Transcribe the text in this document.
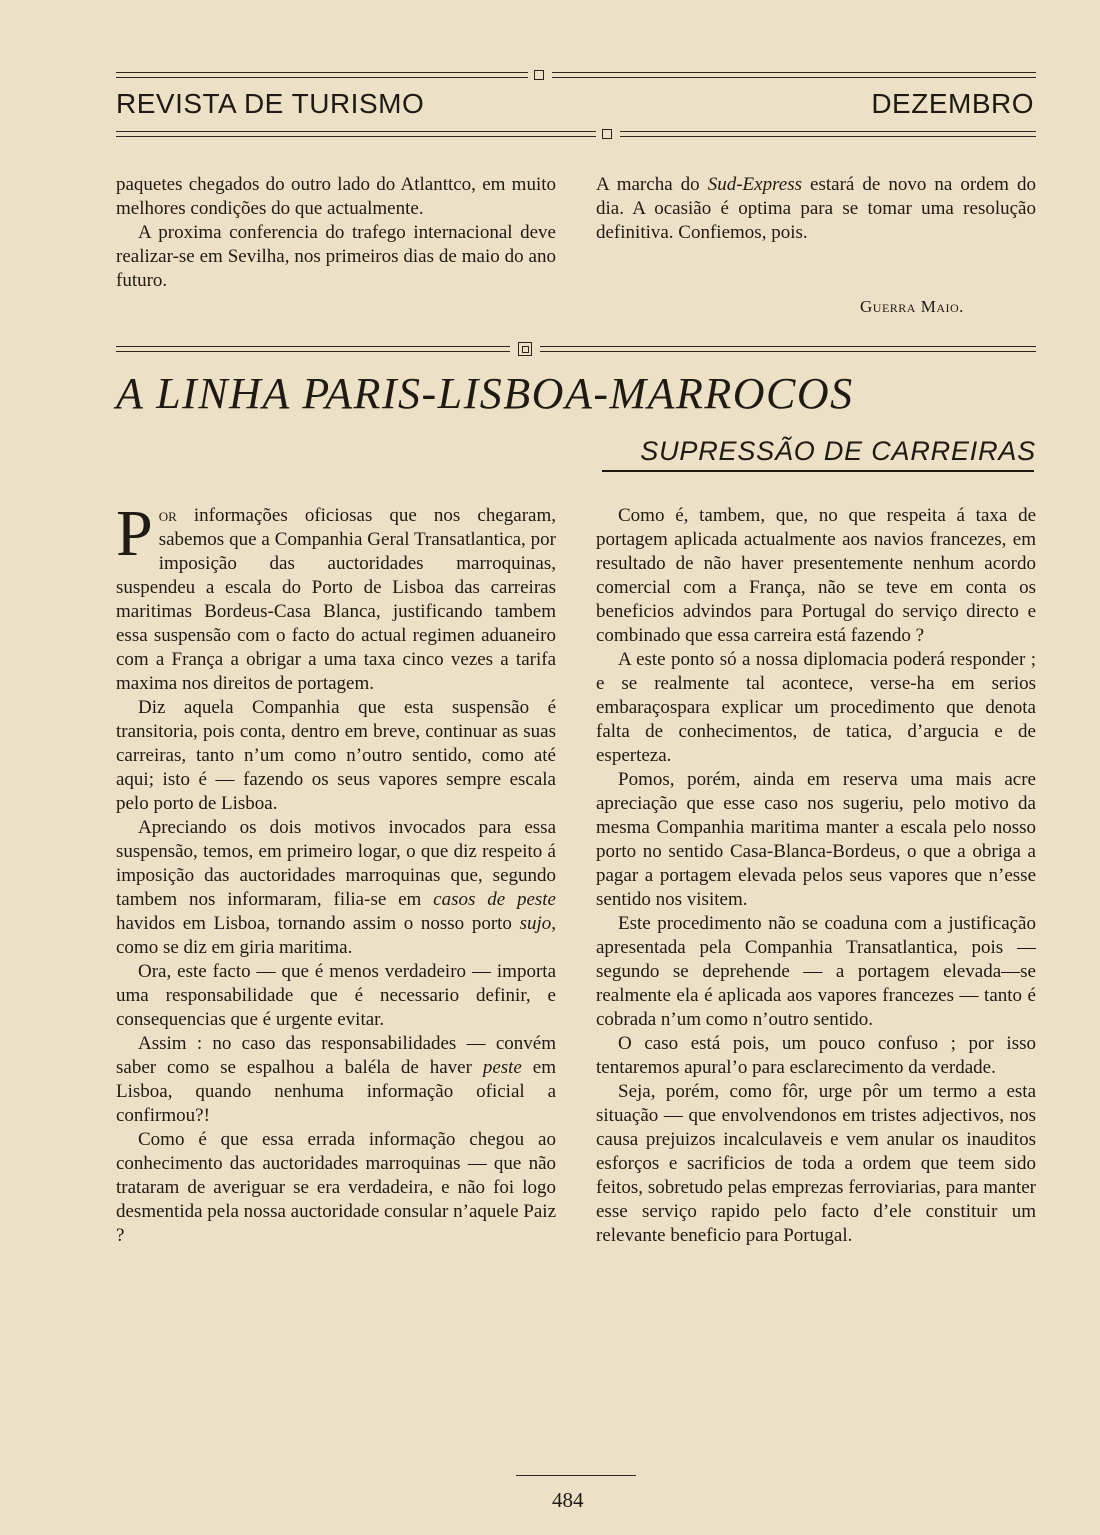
REVISTA DE TURISMO	DEZEMBRO

paquetes chegados do outro lado do Atlanttco, em muito melhores condições do que actualmente.

A proxima conferencia do trafego internacional deve realizar-se em Sevilha, nos primeiros dias de maio do ano futuro.

A marcha do Sud-Express estará de novo na ordem do dia. A ocasião é optima para se tomar uma resolução definitiva. Confiemos, pois.

Guerra Maio.
A LINHA PARIS-LISBOA-MARROCOS
SUPRESSÃO DE CARREIRAS

Por informações oficiosas que nos chegaram, sabemos que a Companhia Geral Transatlantica, por imposição das auctoridades marroquinas, suspendeu a escala do Porto de Lisboa das carreiras maritimas Bordeus-Casa Blanca, justificando tambem essa suspensão com o facto do actual regimen aduaneiro com a França a obrigar a uma taxa cinco vezes a tarifa maxima nos direitos de portagem.

Diz aquela Companhia que esta suspensão é transitoria, pois conta, dentro em breve, continuar as suas carreiras, tanto n’um como n’outro sentido, como até aqui; isto é — fazendo os seus vapores sempre escala pelo porto de Lisboa.

Apreciando os dois motivos invocados para essa suspensão, temos, em primeiro logar, o que diz respeito á imposição das auctoridades marroquinas que, segundo tambem nos informaram, filia-se em casos de peste havidos em Lisboa, tornando assim o nosso porto sujo, como se diz em giria maritima.

Ora, este facto — que é menos verdadeiro — importa uma responsabilidade que é necessario definir, e consequencias que é urgente evitar.

Assim : no caso das responsabilidades — convém saber como se espalhou a baléla de haver peste em Lisboa, quando nenhuma informação oficial a confirmou?!

Como é que essa errada informação chegou ao conhecimento das auctoridades marroquinas — que não trataram de averiguar se era verdadeira, e não foi logo desmentida pela nossa auctoridade consular n’aquele Paiz ?

Como é, tambem, que, no que respeita á taxa de portagem aplicada actualmente aos navios francezes, em resultado de não haver presentemente nenhum acordo comercial com a França, não se teve em conta os beneficios advindos para Portugal do serviço directo e combinado que essa carreira está fazendo ?

A este ponto só a nossa diplomacia poderá responder ; e se realmente tal acontece, verse-ha em serios embaraçospara explicar um procedimento que denota falta de conhecimentos, de tatica, d’argucia e de esperteza.

Pomos, porém, ainda em reserva uma mais acre apreciação que esse caso nos sugeriu, pelo motivo da mesma Companhia maritima manter a escala pelo nosso porto no sentido Casa-Blanca-Bordeus, o que a obriga a pagar a portagem elevada pelos seus vapores que n’esse sentido nos visitem.

Este procedimento não se coaduna com a justificação apresentada pela Companhia Transatlantica, pois — segundo se deprehende — a portagem elevada—se realmente ela é aplicada aos vapores francezes — tanto é cobrada n’um como n’outro sentido.

O caso está pois, um pouco confuso ; por isso tentaremos apural’o para esclarecimento da verdade.

Seja, porém, como fôr, urge pôr um termo a esta situação — que envolvendonos em tristes adjectivos, nos causa prejuizos incalculaveis e vem anular os inauditos esforços e sacrificios de toda a ordem que teem sido feitos, sobretudo pelas emprezas ferroviarias, para manter esse serviço rapido pelo facto d’ele constituir um relevante beneficio para Portugal.

484
